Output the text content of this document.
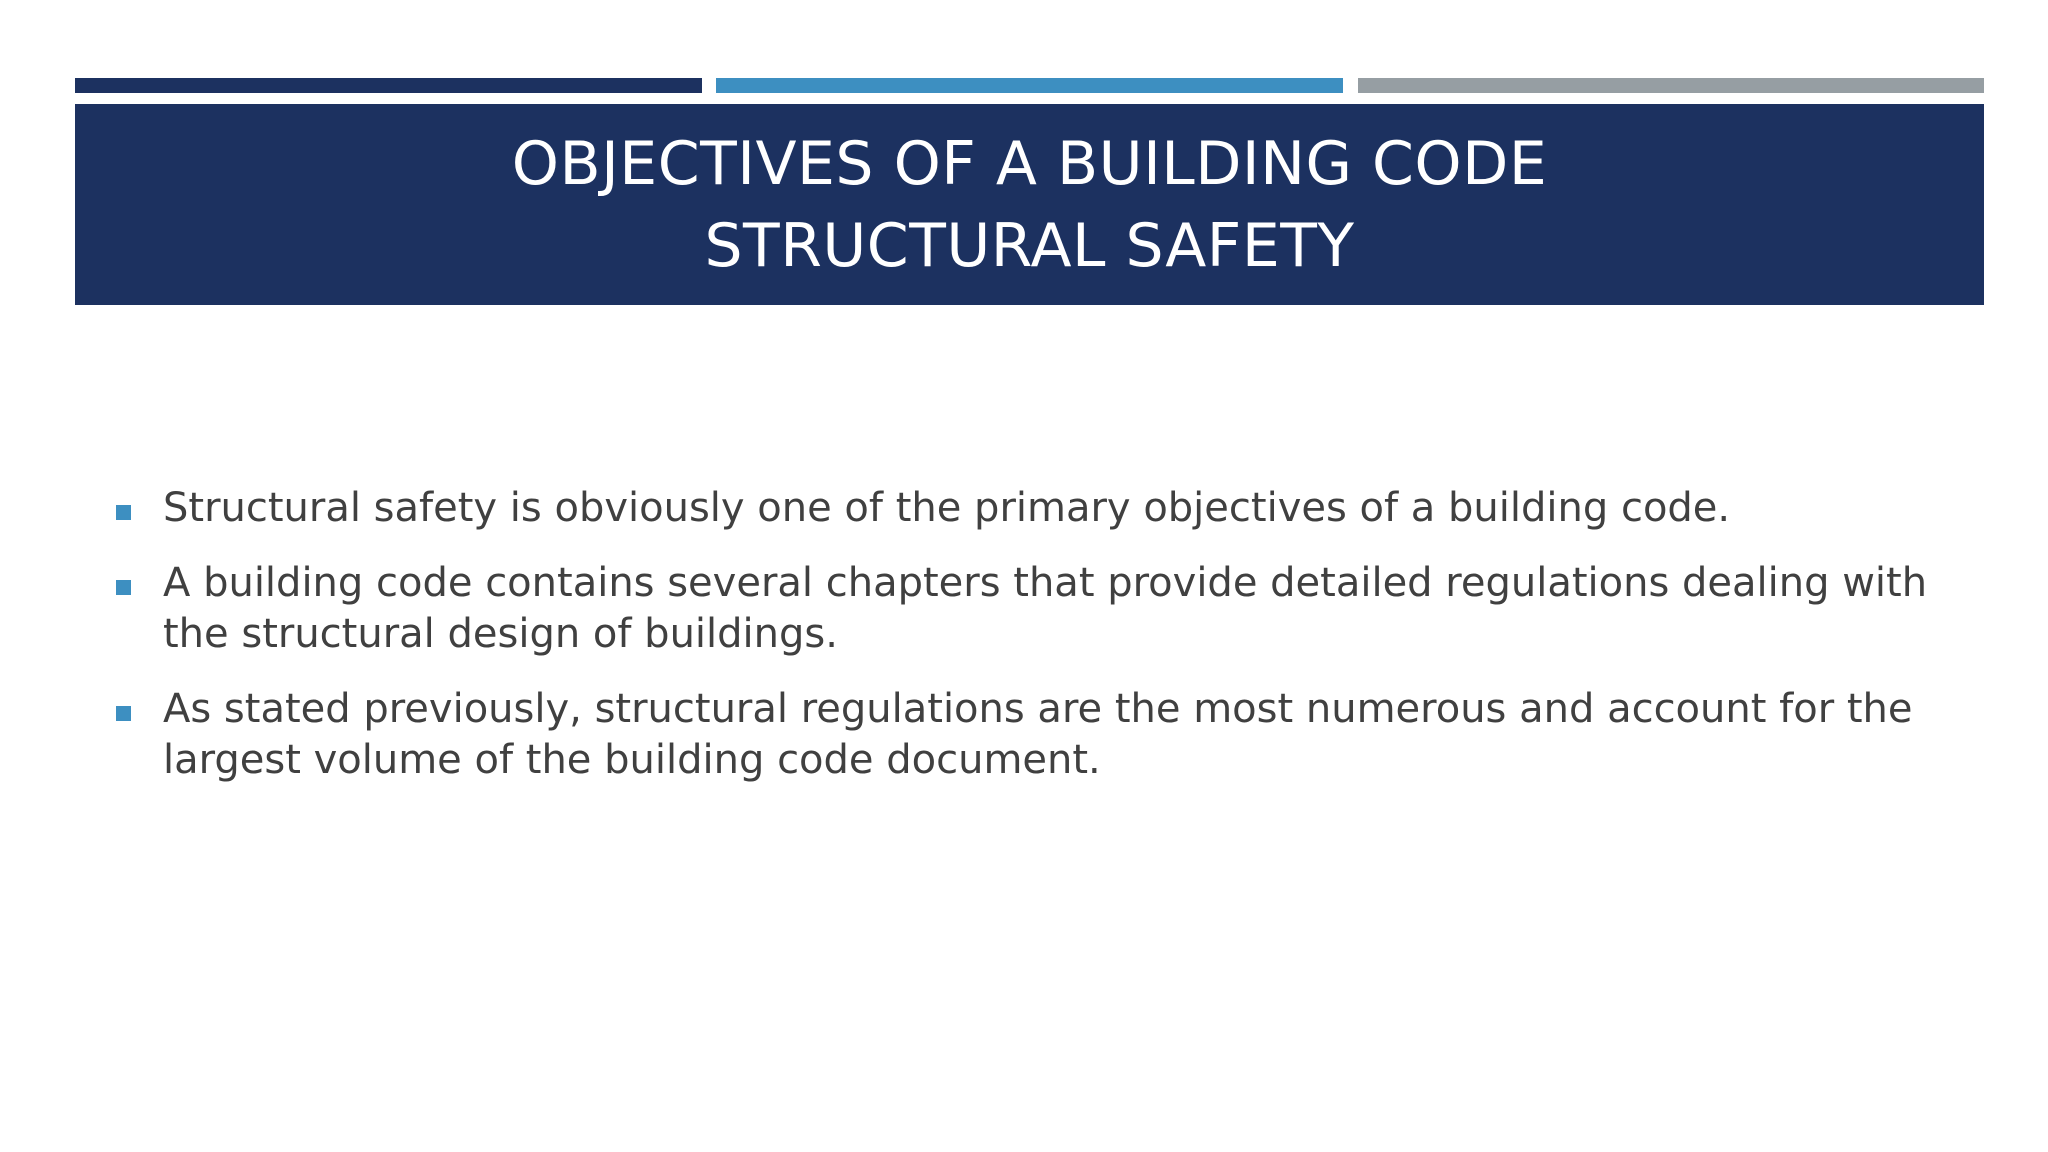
OBJECTIVES OF A BUILDING CODE
STRUCTURAL SAFETY
Structural safety is obviously one of the primary objectives of a building code.
A building code contains several chapters that provide detailed regulations dealing with the structural design of buildings.
As stated previously, structural regulations are the most numerous and account for the largest volume of the building code document.
